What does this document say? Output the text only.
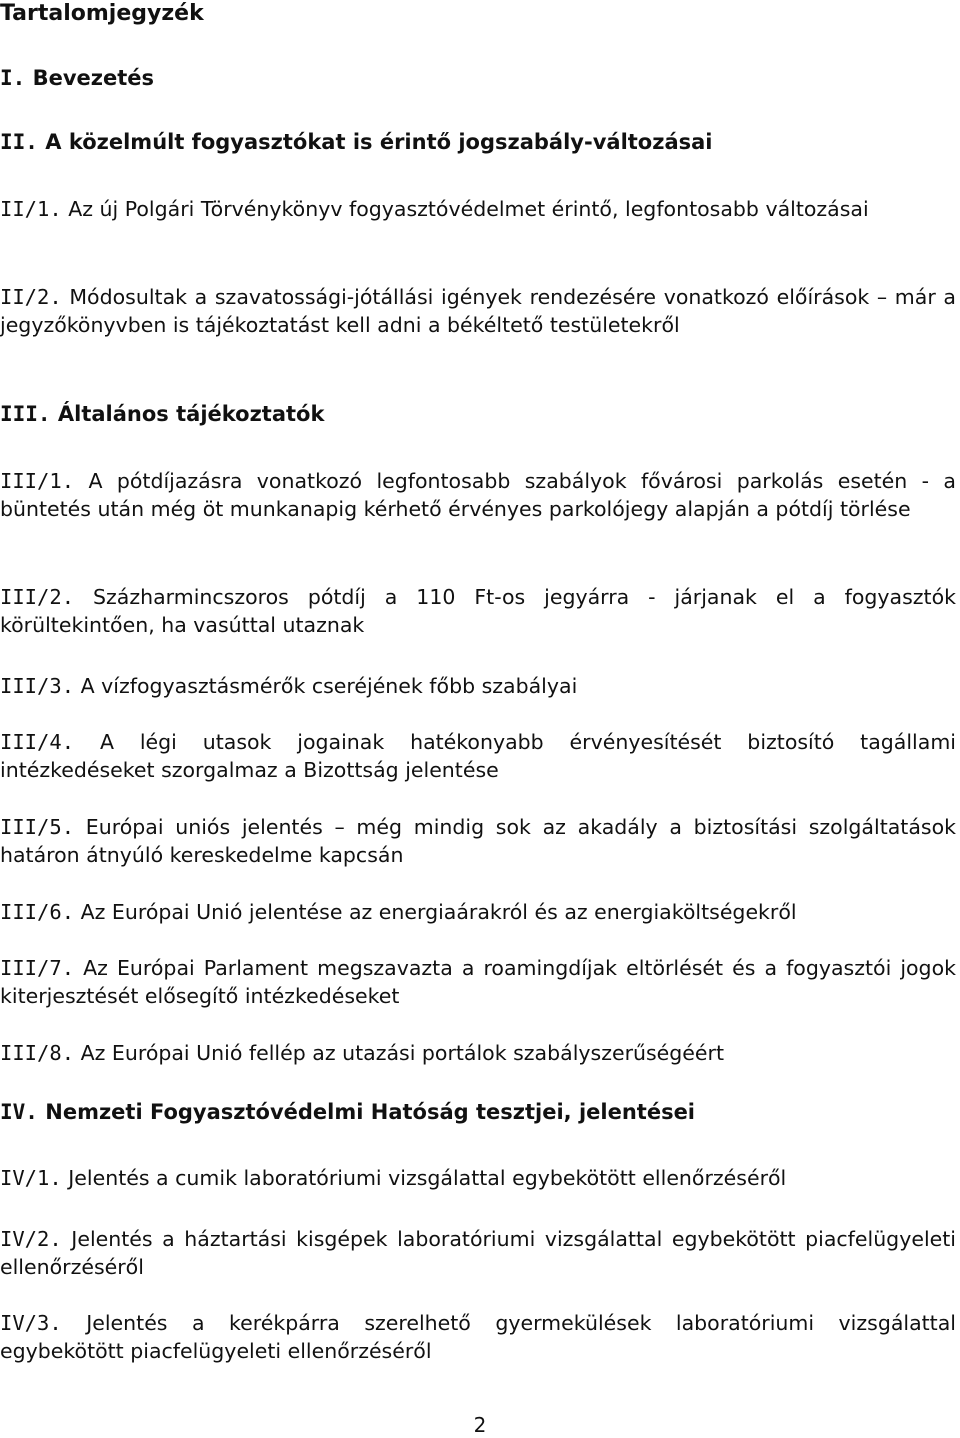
Tartalomjegyzék

I. Bevezetés

II. A közelmúlt fogyasztókat is érintő jogszabály-változásai

II/1. Az új Polgári Törvénykönyv fogyasztóvédelmet érintő, legfontosabb változásai

II/2. Módosultak a szavatossági-jótállási igények rendezésére vonatkozó előírások – már a jegyzőkönyvben is tájékoztatást kell adni a békéltető testületekről

III. Általános tájékoztatók

III/1. A pótdíjazásra vonatkozó legfontosabb szabályok fővárosi parkolás esetén - a büntetés után még öt munkanapig kérhető érvényes parkolójegy alapján a pótdíj törlése

III/2. Százharmincszoros pótdíj a 110 Ft-os jegyárra - járjanak el a fogyasztók körültekintően, ha vasúttal utaznak

III/3. A vízfogyasztásmérők cseréjének főbb szabályai

III/4. A légi utasok jogainak hatékonyabb érvényesítését biztosító tagállami intézkedéseket szorgalmaz a Bizottság jelentése

III/5. Európai uniós jelentés – még mindig sok az akadály a biztosítási szolgáltatások határon átnyúló kereskedelme kapcsán

III/6. Az Európai Unió jelentése az energiaárakról és az energiaköltségekről

III/7. Az Európai Parlament megszavazta a roamingdíjak eltörlését és a fogyasztói jogok kiterjesztését elősegítő intézkedéseket

III/8. Az Európai Unió fellép az utazási portálok szabályszerűségéért

IV. Nemzeti Fogyasztóvédelmi Hatóság tesztjei, jelentései

IV/1. Jelentés a cumik laboratóriumi vizsgálattal egybekötött ellenőrzéséről

IV/2. Jelentés a háztartási kisgépek laboratóriumi vizsgálattal egybekötött piacfelügyeleti ellenőrzéséről

IV/3. Jelentés a kerékpárra szerelhető gyermekülések laboratóriumi vizsgálattal egybekötött piacfelügyeleti ellenőrzéséről

2
